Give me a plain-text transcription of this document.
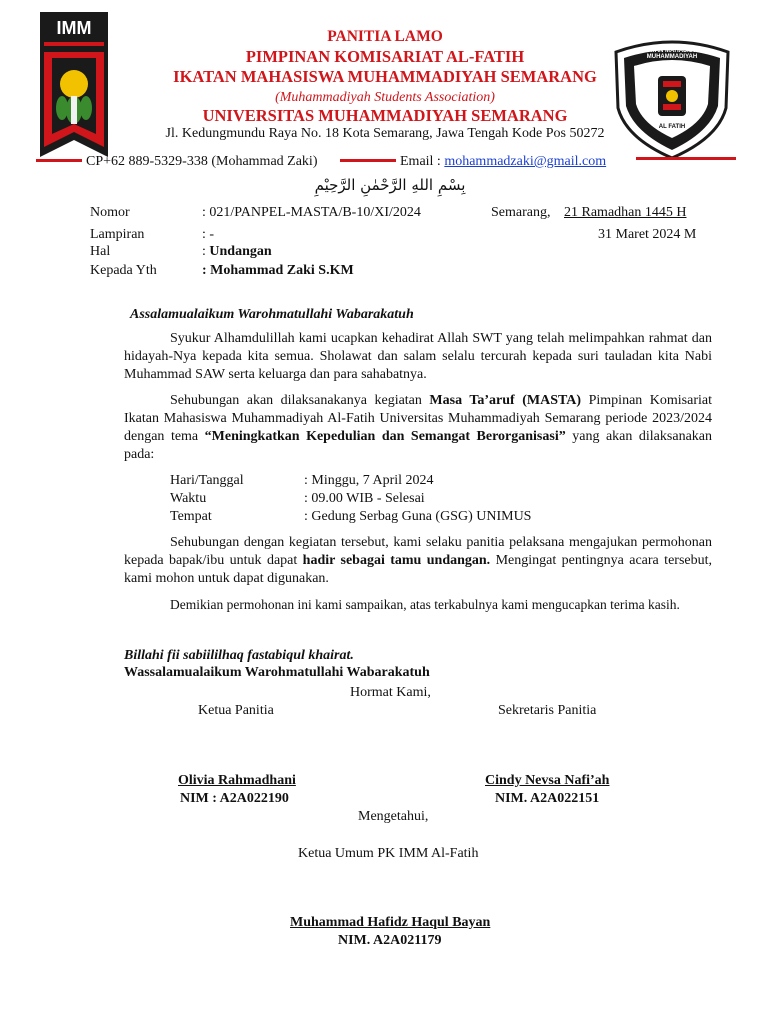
IMM
IKATAN MAHASISWA MUHAMMADIYAH
AL FATIH
PANITIA LAMO
PIMPINAN KOMISARIAT AL-FATIH
IKATAN MAHASISWA MUHAMMADIYAH SEMARANG
(Muhammadiyah Students Association)
UNIVERSITAS MUHAMMADIYAH SEMARANG
Jl. Kedungmundu Raya No. 18 Kota Semarang, Jawa Tengah Kode Pos 50272
CP+62 889-5329-338 (Mohammad Zaki)	Email : mohammadzaki@gmail.com
بِسْمِ اللهِ الرَّحْمٰنِ الرَّحِيْمِ
Nomor	: 021/PANPEL-MASTA/B-10/XI/2024	Semarang, 21 Ramadhan 1445 H
Lampiran	: -	31 Maret 2024 M
Hal	: Undangan
Kepada Yth	: Mohammad Zaki S.KM
Assalamualaikum Warohmatullahi Wabarakatuh
Syukur Alhamdulillah kami ucapkan kehadirat Allah SWT yang telah melimpahkan rahmat dan hidayah-Nya kepada kita semua. Sholawat dan salam selalu tercurah kepada suri tauladan kita Nabi Muhammad SAW serta keluarga dan para sahabatnya.
Sehubungan akan dilaksanakanya kegiatan Masa Ta’aruf (MASTA) Pimpinan Komisariat Ikatan Mahasiswa Muhammadiyah Al-Fatih Universitas Muhammadiyah Semarang periode 2023/2024 dengan tema “Meningkatkan Kepedulian dan Semangat Berorganisasi” yang akan dilaksanakan pada:
Hari/Tanggal	: Minggu, 7 April 2024
Waktu	: 09.00 WIB - Selesai
Tempat	: Gedung Serbag Guna (GSG) UNIMUS
Sehubungan dengan kegiatan tersebut, kami selaku panitia pelaksana mengajukan permohonan kepada bapak/ibu untuk dapat hadir sebagai tamu undangan. Mengingat pentingnya acara tersebut, kami mohon untuk dapat digunakan.
Demikian permohonan ini kami sampaikan, atas terkabulnya kami mengucapkan terima kasih.
Billahi fii sabiililhaq fastabiqul khairat.
Wassalamualaikum Warohmatullahi Wabarakatuh
Hormat Kami,
Ketua Panitia	Sekretaris Panitia
Olivia Rahmadhani
NIM : A2A022190
Cindy Nevsa Nafi’ah
NIM. A2A022151
Mengetahui,
Ketua Umum PK IMM Al-Fatih
Muhammad Hafidz Haqul Bayan
NIM. A2A021179
